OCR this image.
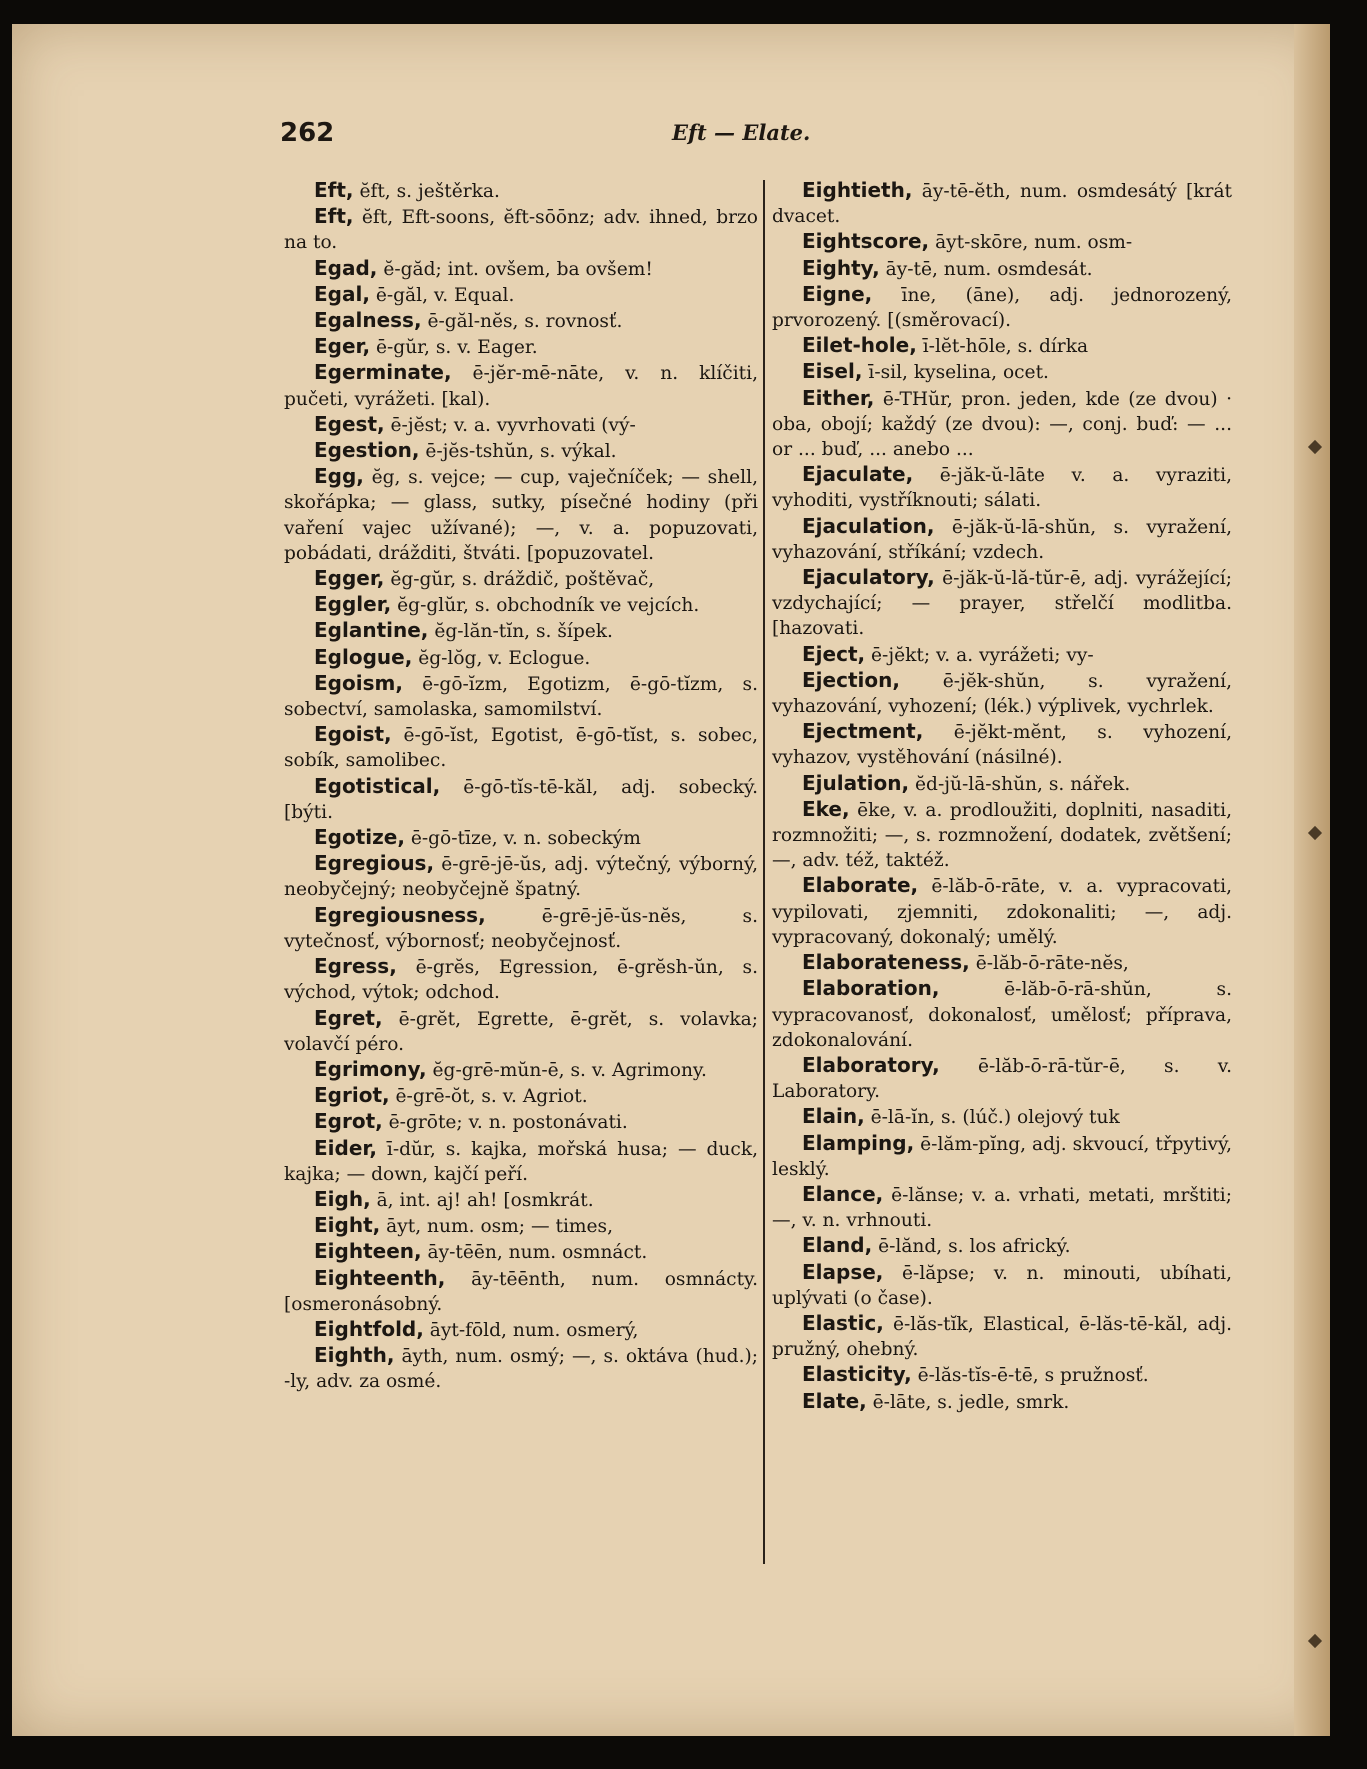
262	Eft — Elate.

Eft, ĕft, s. ještěrka.

Eft, ĕft, Eft-soons, ĕft-sōōnz; adv. ihned, brzo na to.

Egad, ĕ-găd; int. ovšem, ba ovšem!

Egal, ē-găl, v. Equal.

Egalness, ē-găl-nĕs, s. rovnosť.

Eger, ē-gŭr, s. v. Eager.

Egerminate, ē-jĕr-mē-nāte, v. n. klíčiti, pučeti, vyrážeti. [kal).

Egest, ē-jĕst; v. a. vyvrhovati (vý-

Egestion, ē-jĕs-tshŭn, s. výkal.

Egg, ĕg, s. vejce; — cup, vaječníček; — shell, skořápka; — glass, sutky, písečné hodiny (při vaření vajec užívané); —, v. a. popuzovati, pobádati, drážditi, štváti. [popuzovatel.

Egger, ĕg-gŭr, s. dráždič, poštěvač,

Eggler, ĕg-glŭr, s. obchodník ve vejcích.

Eglantine, ĕg-lăn-tĭn, s. šípek.

Eglogue, ĕg-lŏg, v. Eclogue.

Egoism, ē-gō-ĭzm, Egotizm, ē-gō-tĭzm, s. sobectví, samolaska, samomilství.

Egoist, ē-gō-ĭst, Egotist, ē-gō-tĭst, s. sobec, sobík, samolibec.

Egotistical, ē-gō-tĭs-tē-kăl, adj. sobecký. [býti.

Egotize, ē-gō-tīze, v. n. sobeckým

Egregious, ē-grē-jē-ŭs, adj. výtečný, výborný, neobyčejný; neobyčejně špatný.

Egregiousness,	ē-grē-jē-ŭs-nĕs, s. vytečnosť, výbornosť; neobyčejnosť.

Egress, ē-grĕs, Egression, ē-grĕsh-ŭn, s. východ, výtok; odchod.

Egret, ē-grĕt, Egrette, ē-grĕt, s. volavka; volavčí péro.

Egrimony, ĕg-grē-mŭn-ē, s. v. Agrimony.

Egriot, ē-grē-ŏt, s. v. Agriot.

Egrot, ē-grōte; v. n. postonávati.

Eider, ī-dŭr, s. kajka, mořská husa; — duck, kajka; — down, kajčí peří.

Eigh, ā, int. aj! ah! [osmkrát.

Eight, āyt, num. osm; — times,

Eighteen, āy-tēēn, num. osmnáct.

Eighteenth, āy-tēēnth, num. osmnácty. [osmeronásobný.

Eightfold, āyt-fōld, num. osmerý,

Eighth, āyth, num. osmý; —, s. oktáva (hud.); -ly, adv. za osmé.

Eightieth, āy-tē-ĕth, num. osmdesátý [krát dvacet.

Eightscore, āyt-skōre, num. osm-

Eighty, āy-tē, num. osmdesát.

Eigne, īne, (āne), adj. jednorozený, prvorozený. [(směrovací).

Eilet-hole, ī-lĕt-hōle, s. dírka

Eisel, ī-sil, kyselina, ocet.

Either, ē-THŭr, pron. jeden, kde (ze dvou) · oba, obojí; každý (ze dvou): —, conj. buď: — ... or ... buď, ... anebo ...

Ejaculate, ē-jăk-ŭ-lāte v. a. vyraziti, vyhoditi, vystříknouti; sálati.

Ejaculation, ē-jăk-ŭ-lā-shŭn, s. vyražení, vyhazování, stříkání; vzdech.

Ejaculatory, ē-jăk-ŭ-lă-tŭr-ē, adj. vyrážející; vzdychající; — prayer, střelčí modlitba. [hazovati.

Eject, ē-jĕkt; v. a. vyrážeti; vy-

Ejection, ē-jĕk-shŭn, s. vyražení, vyhazování, vyhození; (lék.) výplivek, vychrlek.

Ejectment, ē-jĕkt-mĕnt, s. vyhození, vyhazov, vystěhování (násilné).

Ejulation, ĕd-jŭ-lā-shŭn, s. nářek.

Eke, ēke, v. a. prodloužiti, doplniti, nasaditi, rozmnožiti; —, s. rozmnožení, dodatek, zvětšení; —, adv. též, taktéž.

Elaborate, ē-lăb-ō-rāte, v. a. vypracovati, vypilovati, zjemniti, zdokonaliti; —, adj. vypracovaný, dokonalý; umělý.

Elaborateness, ē-lăb-ō-rāte-nĕs,

Elaboration,	ē-lăb-ō-rā-shŭn, s. vypracovanosť, dokonalosť, umělosť; příprava, zdokonalování.

Elaboratory, ē-lăb-ō-rā-tŭr-ē, s. v. Laboratory.

Elain, ē-lā-ĭn, s. (lúč.) olejový tuk

Elamping, ē-lăm-pĭng, adj. skvoucí, třpytivý, lesklý.

Elance, ē-lănse; v. a. vrhati, metati, mrštiti; —, v. n. vrhnouti.

Eland, ē-lănd, s. los africký.

Elapse, ē-lăpse; v. n. minouti, ubíhati, uplývati (o čase).

Elastic, ē-lăs-tĭk, Elastical, ē-lăs-tē-kăl, adj. pružný, ohebný.

Elasticity, ē-lăs-tĭs-ē-tē, s pružnosť.

Elate, ē-lāte, s. jedle, smrk.
